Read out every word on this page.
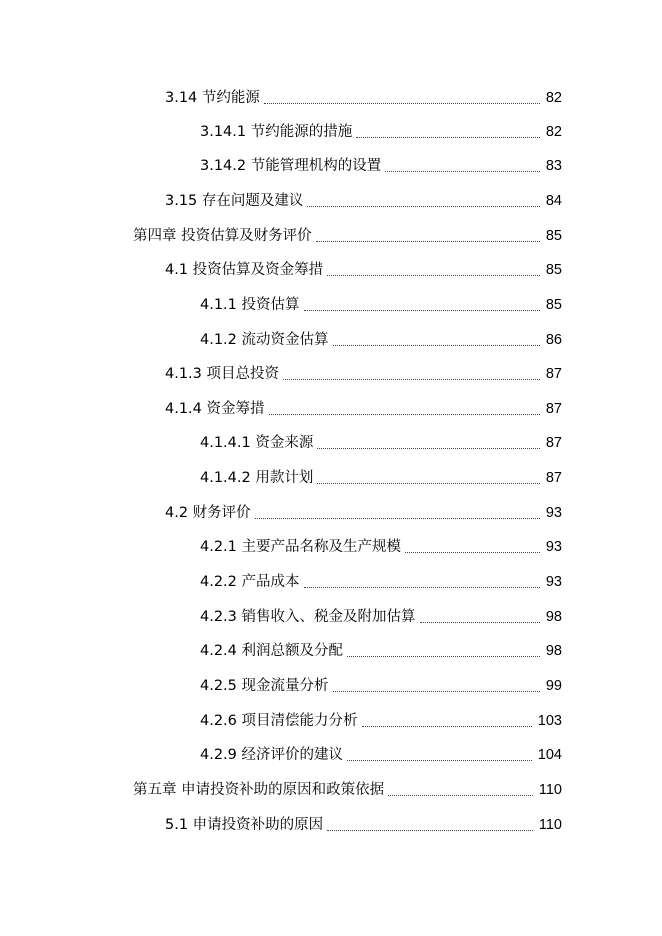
3.14 节约能源	82
3.14.1 节约能源的措施	82
3.14.2 节能管理机构的设置	83
3.15 存在问题及建议	84
第四章 投资估算及财务评价	85
4.1 投资估算及资金筹措	85
4.1.1 投资估算	85
4.1.2 流动资金估算	86
4.1.3 项目总投资	87
4.1.4 资金筹措	87
4.1.4.1 资金来源	87
4.1.4.2 用款计划	87
4.2 财务评价	93
4.2.1 主要产品名称及生产规模	93
4.2.2 产品成本	93
4.2.3 销售收入、税金及附加估算	98
4.2.4 利润总额及分配	98
4.2.5 现金流量分析	99
4.2.6 项目清偿能力分析	103
4.2.9 经济评价的建议	104
第五章 申请投资补助的原因和政策依据	110
5.1 申请投资补助的原因	110
